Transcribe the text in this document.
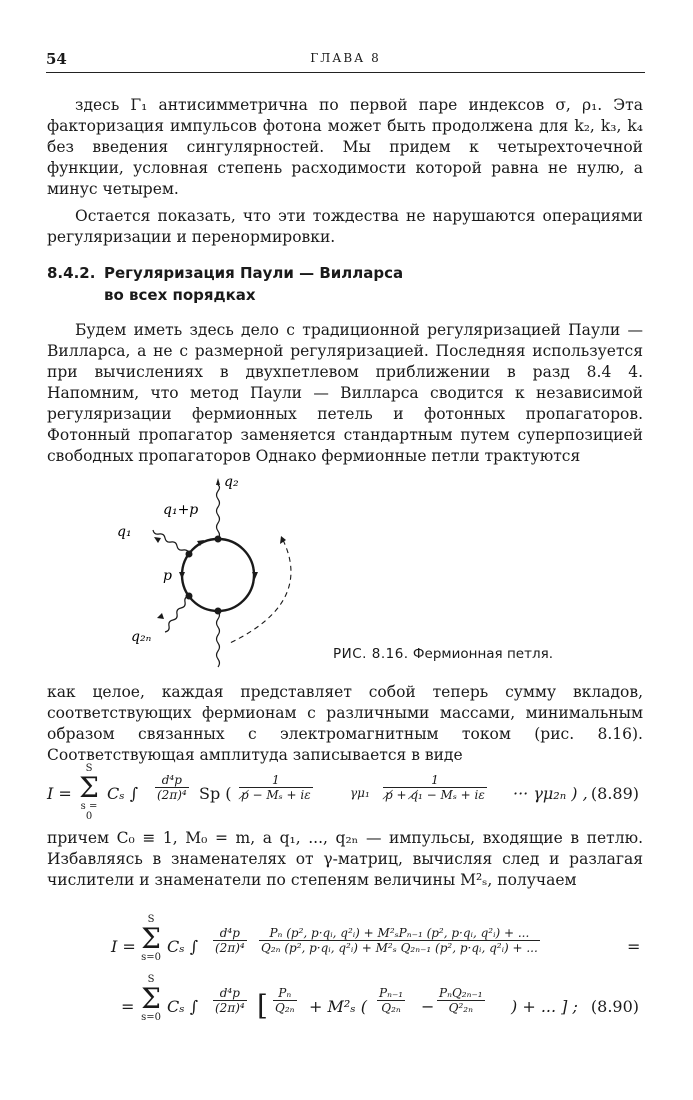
54	ГЛАВА 8

здесь Γ₁ антисимметрична по первой паре индексов σ, ρ₁. Эта факторизация импульсов фотона может быть продолжена для k₂, k₃, k₄ без введения сингулярностей. Мы придем к четырехточечной функции, условная степень расходимости которой равна не нулю, а минус четырем.

Остается показать, что эти тождества не нарушаются операциями регуляризации и перенормировки.

8.4.2. Регуляризация Паули — Вилларса
во всех порядках

Будем иметь здесь дело с традиционной регуляризацией Паули — Вилларса, а не с размерной регуляризацией. Последняя используется при вычислениях в двухпетлевом приближении в разд 8.4 4. Напомним, что метод Паули — Вилларса сводится к независимой регуляризации фермионных петель и фотонных пропагаторов. Фотонный пропагатор заменяется стандартным путем суперпозицией свободных пропагаторов Однако фермионные петли трактуются

q₂
q₁+p
q₁
p
q₂ₙ
РИС. 8.16. Фермионная петля.

как целое, каждая представляет собой теперь сумму вкладов, соответствующих фермионам с различными массами, минимальным образом связанных с электромагнитным током (рис. 8.16). Соответствующая амплитуда записывается в виде

I =
S
Σ
s = 0
Cₛ ∫ $\frac{\text{d⁴p}}{\text{(2π)⁴}}$ Sp ( $\frac{1}{\text{p̸ − Mₛ + iε}}$	$\gamma\mu_1 \frac{1}{\text{p̸ + q̸₁ − Mₛ + iε}}$ ··· γμ₂ₙ ) , (8.89)

причем C₀ ≡ 1, M₀ = m, а q₁, ..., q₂ₙ — импульсы, входящие в петлю. Избавляясь в знаменателях от γ-матриц, вычисляя след и разлагая числители и знаменатели по степеням величины M²ₛ, получаем

I =
S
Σ
s=0
Cₛ ∫ $\frac{\text{d⁴p}}{\text{(2π)⁴}}$	Pₙ (p², p·qᵢ, q²ᵢ) + M²ₛPₙ₋₁ (p², p·qᵢ, q²ᵢ) + ...
Q₂ₙ (p², p·qᵢ, q²ᵢ) + M²ₛ Q₂ₙ₋₁ (p², p·qᵢ, q²ᵢ) + ...	=
=
S
Σ
s=0
Cₛ ∫ $\frac{\text{d⁴p}}{\text{(2π)⁴}}$ [ $\frac{\text{Pₙ}}{\text{Q₂ₙ}} + M^2_s$ ( $\frac{\text{Pₙ₋₁}}{\text{Q₂ₙ}}$ −
PₙQ₂ₙ₋₁
Q²₂ₙ	) + ... ] ; (8.90)
